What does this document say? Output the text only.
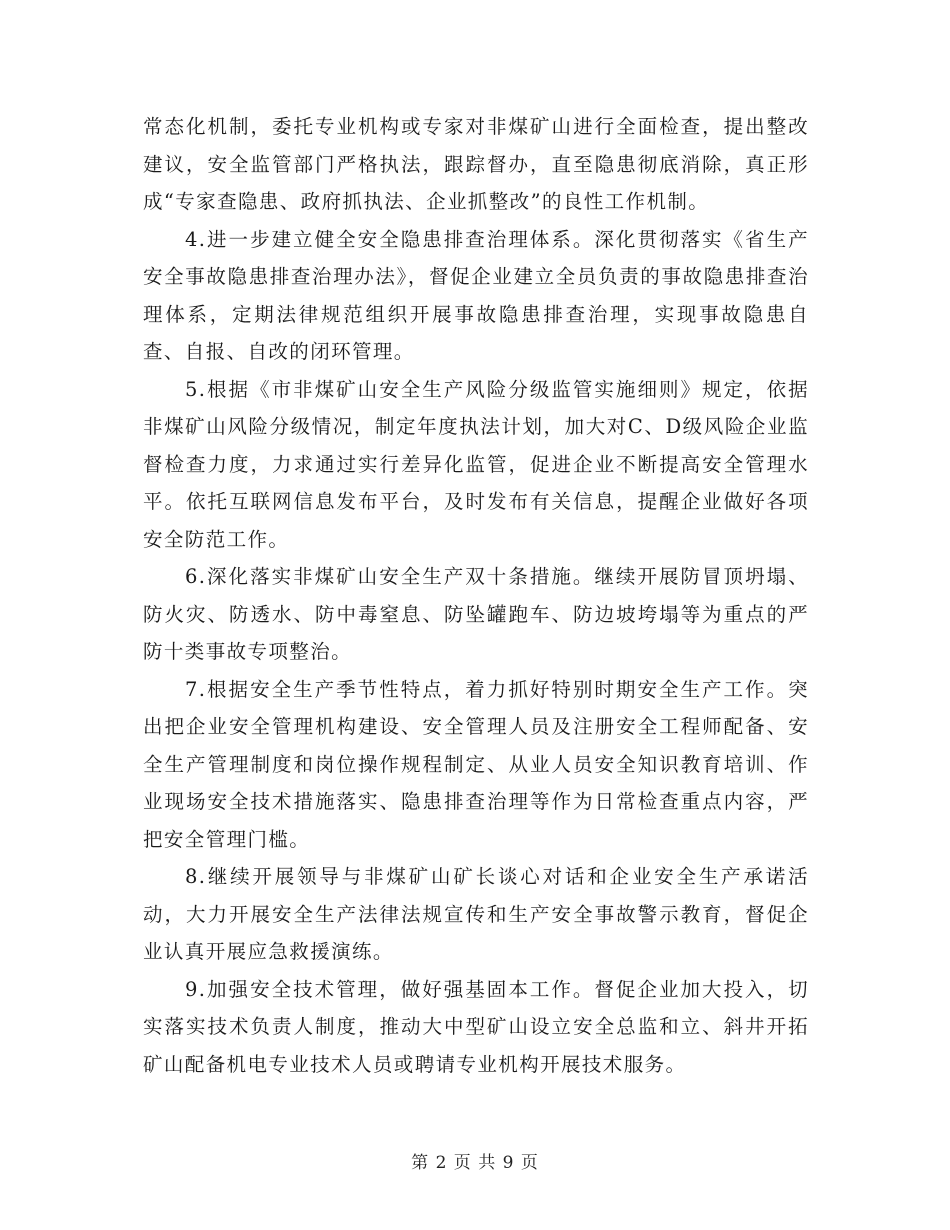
常态化机制，委托专业机构或专家对非煤矿山进行全面检查，提出整改建议，安全监管部门严格执法，跟踪督办，直至隐患彻底消除，真正形成“专家查隐患、政府抓执法、企业抓整改”的良性工作机制。

4.进一步建立健全安全隐患排查治理体系。深化贯彻落实《省生产安全事故隐患排查治理办法》，督促企业建立全员负责的事故隐患排查治理体系，定期法律规范组织开展事故隐患排查治理，实现事故隐患自查、自报、自改的闭环管理。

5.根据《市非煤矿山安全生产风险分级监管实施细则》规定，依据非煤矿山风险分级情况，制定年度执法计划，加大对C、D级风险企业监督检查力度，力求通过实行差异化监管，促进企业不断提高安全管理水平。依托互联网信息发布平台，及时发布有关信息，提醒企业做好各项安全防范工作。

6.深化落实非煤矿山安全生产双十条措施。继续开展防冒顶坍塌、防火灾、防透水、防中毒窒息、防坠罐跑车、防边坡垮塌等为重点的严防十类事故专项整治。

7.根据安全生产季节性特点，着力抓好特别时期安全生产工作。突出把企业安全管理机构建设、安全管理人员及注册安全工程师配备、安全生产管理制度和岗位操作规程制定、从业人员安全知识教育培训、作业现场安全技术措施落实、隐患排查治理等作为日常检查重点内容，严把安全管理门槛。

8.继续开展领导与非煤矿山矿长谈心对话和企业安全生产承诺活动，大力开展安全生产法律法规宣传和生产安全事故警示教育，督促企业认真开展应急救援演练。

9.加强安全技术管理，做好强基固本工作。督促企业加大投入，切实落实技术负责人制度，推动大中型矿山设立安全总监和立、斜井开拓矿山配备机电专业技术人员或聘请专业机构开展技术服务。

第 2 页 共 9 页
